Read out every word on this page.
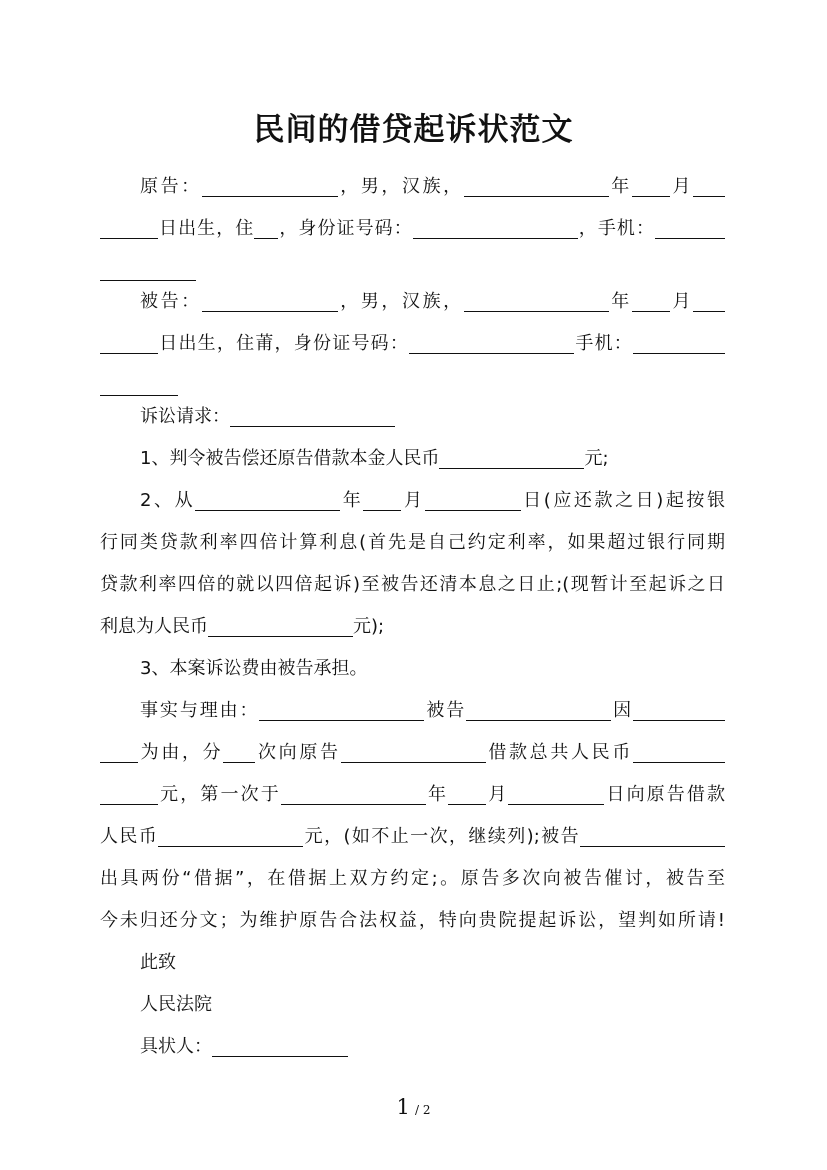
民间的借贷起诉状范文
原告：	，男，汉族，	年 月
日出生，住 ，身份证号码：	，手机：
被告：	，男，汉族，	年 月
日出生，住莆，身份证号码：	手机：
诉讼请求：
1、判令被告偿还原告借款本金人民币	元;
2、从	年 月	日(应还款之日)起按银
行同类贷款利率四倍计算利息(首先是自己约定利率，如果超过银行同期
贷款利率四倍的就以四倍起诉)至被告还清本息之日止;(现暂计至起诉之日
利息为人民币	元);
3、本案诉讼费由被告承担。
事实与理由：	被告	因
为由，分 次向原告	借款总共人民币
元，第一次于	年 月	日向原告借款
人民币	元，(如不止一次，继续列);被告
出具两份“借据”，在借据上双方约定;。原告多次向被告催讨，被告至
今未归还分文；为维护原告合法权益，特向贵院提起诉讼，望判如所请!
此致
人民法院
具状人：
1 / 2
